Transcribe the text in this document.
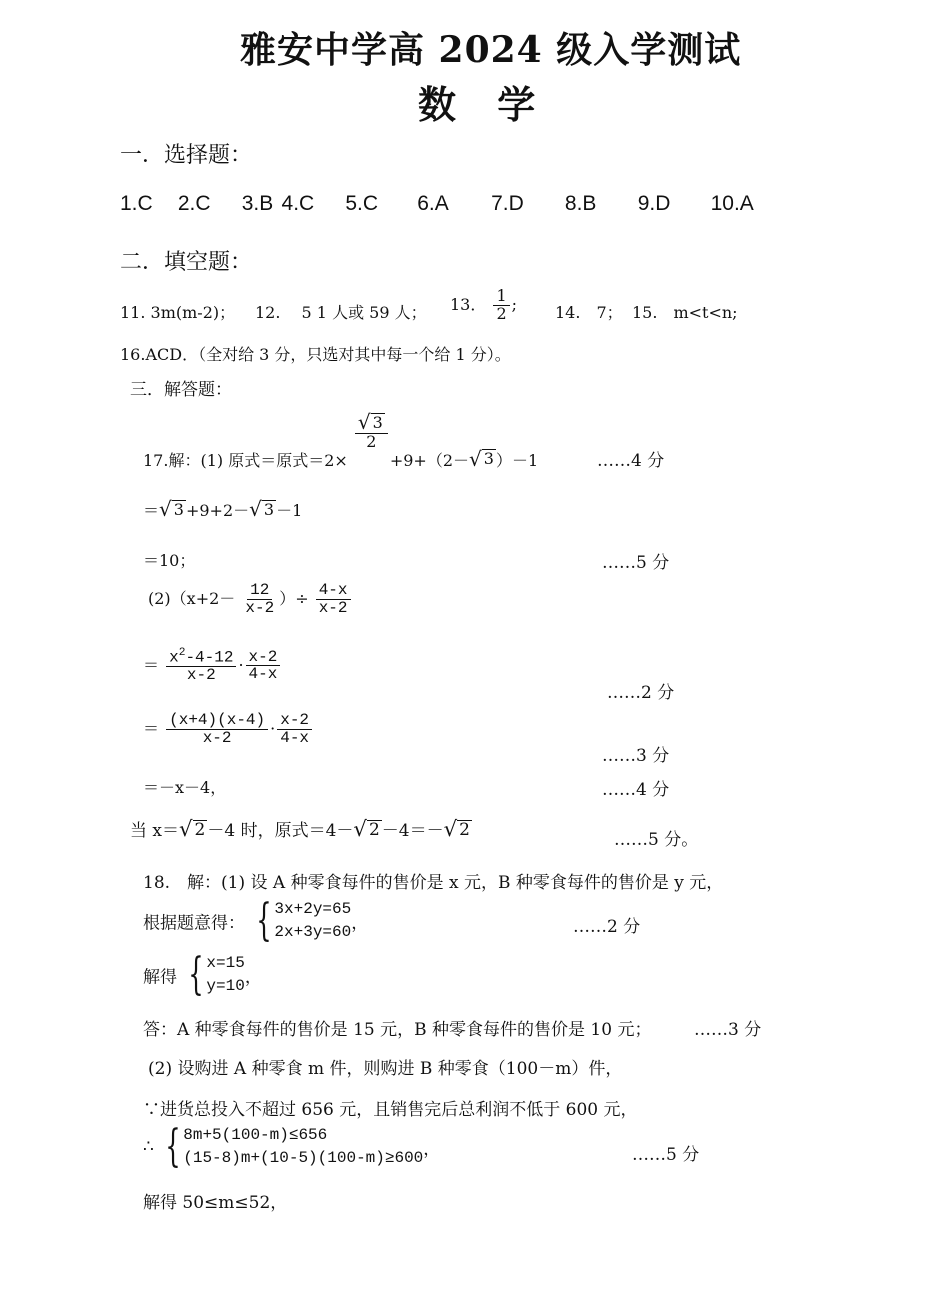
雅安中学高 2024 级入学测试
数 学
一．选择题：
1.C 2.C 3.B 4.C 5.C 6.A 7.D 8.B 9.D 10.A
二．填空题：
11. 3m(m-2)； 12.　 5 1 人或 59 人； 13． $\frac{1}{2}$ ; 14.　7； 15.　m<t<n;
16.ACD．（全对给 3 分，只选对其中每一个给 1 分）。
三．解答题：
17.解：(1) 原式＝原式＝2×
$\frac{√ 3}{2}$
+9+（2－ √ 3 ）－1	……4 分
＝ √ 3 +9+2－ √ 3 －1
＝10；	……5 分
$(2)(x+2- \frac{12}{x-2}$ ）÷ $\frac{4-x}{x-2}$
＝ $\frac{x^2-4-12}{x-2} \cdot \frac{x-2}{4-x}$
……2 分
＝ $\frac{(x+4)(x-4)}{x-2} \cdot \frac{x-2}{4-x}$
……3 分
＝－x－4，	……4 分
当 x＝ √ 2 －4 时，原式＝4－ √ 2 －4＝－ √ 2
……5 分。
18.　解：(1) 设 A 种零食每件的售价是 x 元，B 种零食每件的售价是 y 元，
根据题意得： { 3x+2y=65
2x+3y=60 ，	……2 分
解得 { x=15
y=10 ，
答：A 种零食每件的售价是 15 元，B 种零食每件的售价是 10 元；	……3 分
(2) 设购进 A 种零食 m 件，则购进 B 种零食（100－m）件，
∵进货总投入不超过 656 元，且销售完后总利润不低于 600 元，
∴ { 8m+5(100-m)≤656
(15-8)m+(10-5)(100-m)≥600 ，	……5 分
解得 50≤m≤52，
